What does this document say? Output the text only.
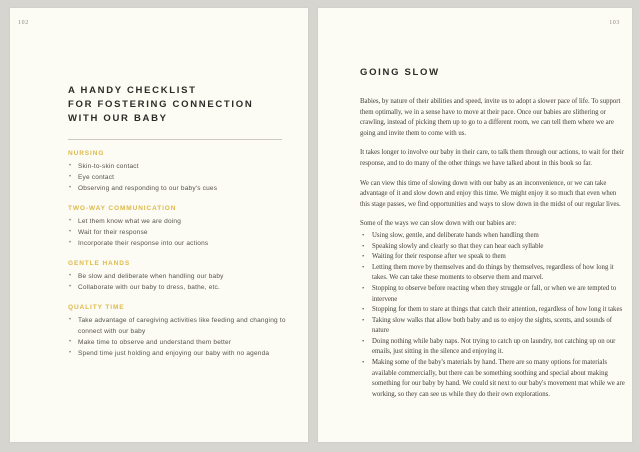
102
A HANDY CHECKLIST
FOR FOSTERING CONNECTION
WITH OUR BABY
NURSING
• Skin-to-skin contact
• Eye contact
• Observing and responding to our baby's cues
TWO-WAY COMMUNICATION
• Let them know what we are doing
• Wait for their response
• Incorporate their response into our actions
GENTLE HANDS
• Be slow and deliberate when handling our baby
• Collaborate with our baby to dress, bathe, etc.
QUALITY TIME
• Take advantage of caregiving activities like feeding and changing to connect with our baby
• Make time to observe and understand them better
• Spend time just holding and enjoying our baby with no agenda
103
GOING SLOW

Babies, by nature of their abilities and speed, invite us to adopt a slower pace of life. To support them optimally, we in a sense have to move at their pace. Once our babies are slithering or crawling, instead of picking them up to go to a different room, we can tell them where we are going and invite them to come with us.

It takes longer to involve our baby in their care, to talk them through our actions, to wait for their response, and to do many of the other things we have talked about in this book so far.

We can view this time of slowing down with our baby as an inconvenience, or we can take advantage of it and slow down and enjoy this time. We might enjoy it so much that even when this stage passes, we find opportunities and ways to slow down in the midst of our regular lives.

Some of the ways we can slow down with our babies are:

• Using slow, gentle, and deliberate hands when handling them
• Speaking slowly and clearly so that they can hear each syllable
• Waiting for their response after we speak to them
• Letting them move by themselves and do things by themselves, regardless of how long it takes. We can take these moments to observe them and marvel.
• Stopping to observe before reacting when they struggle or fall, or when we are tempted to intervene
• Stopping for them to stare at things that catch their attention, regardless of how long it takes
• Taking slow walks that allow both baby and us to enjoy the sights, scents, and sounds of nature
• Doing nothing while baby naps. Not trying to catch up on laundry, not catching up on our emails, just sitting in the silence and enjoying it.
• Making some of the baby's materials by hand. There are so many options for materials available commercially, but there can be something soothing and special about making something for our baby by hand. We could sit next to our baby's movement mat while we are working, so they can see us while they do their own explorations.
